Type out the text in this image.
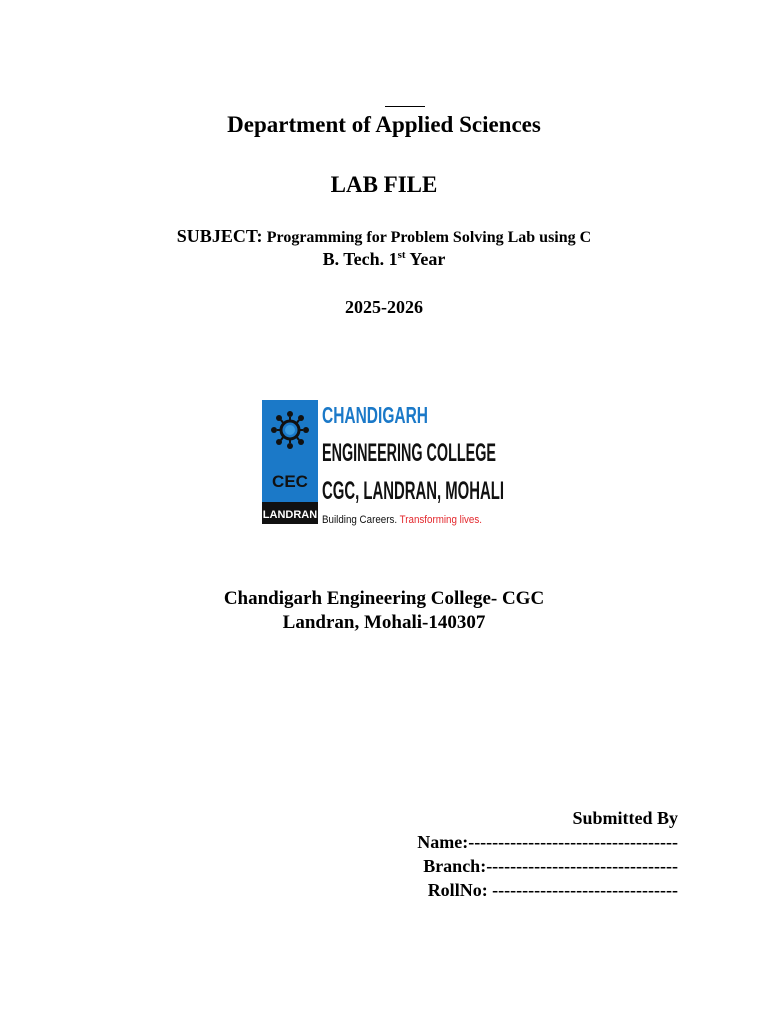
Department of Applied Sciences
LAB FILE
SUBJECT: Programming for Problem Solving Lab using C
B. Tech. 1st Year
2025-2026
CEC
LANDRAN
CHANDIGARH
ENGINEERING COLLEGE
CGC, LANDRAN, MOHALI
Building Careers. Transforming lives.
Chandigarh Engineering College- CGC
Landran, Mohali-140307
Submitted By
Name:-----------------------------------
Branch:--------------------------------
RollNo: -------------------------------
